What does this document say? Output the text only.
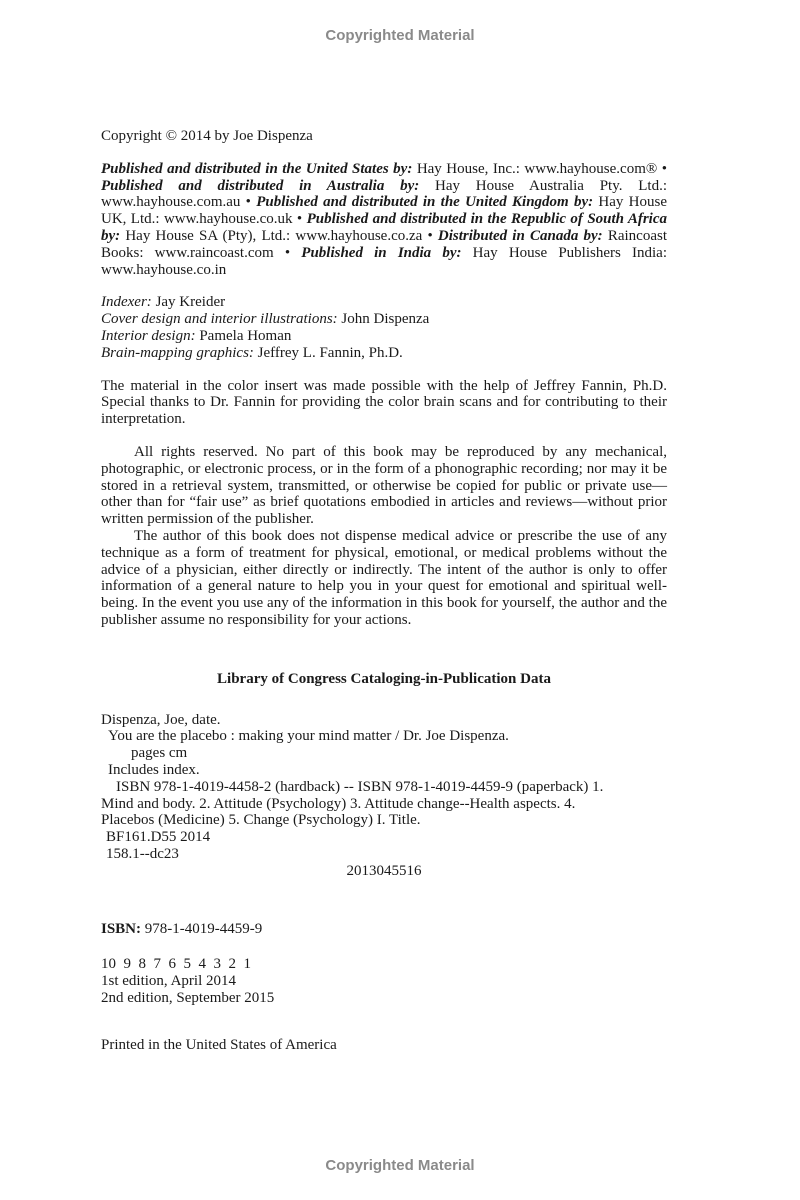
Copyrighted Material

Copyright © 2014 by Joe Dispenza

Published and distributed in the United States by: Hay House, Inc.: www.hayhouse.com® • Published and distributed in Australia by: Hay House Australia Pty. Ltd.: www.hayhouse.com.au • Published and distributed in the United Kingdom by: Hay House UK, Ltd.: www.hayhouse.co.uk • Published and distributed in the Republic of South Africa by: Hay House SA (Pty), Ltd.: www.hayhouse.co.za • Distributed in Canada by: Raincoast Books: www.raincoast.com • Published in India by: Hay House Publishers India: www.hayhouse.co.in

Indexer: Jay Kreider
Cover design and interior illustrations: John Dispenza
Interior design: Pamela Homan
Brain-mapping graphics: Jeffrey L. Fannin, Ph.D.

The material in the color insert was made possible with the help of Jeffrey Fannin, Ph.D. Special thanks to Dr. Fannin for providing the color brain scans and for contributing to their interpretation.

All rights reserved. No part of this book may be reproduced by any mechanical, photographic, or electronic process, or in the form of a phonographic recording; nor may it be stored in a retrieval system, transmitted, or otherwise be copied for public or private use—other than for “fair use” as brief quotations embodied in articles and reviews—without prior written permission of the publisher.

The author of this book does not dispense medical advice or prescribe the use of any technique as a form of treatment for physical, emotional, or medical problems without the advice of a physician, either directly or indirectly. The intent of the author is only to offer information of a general nature to help you in your quest for emotional and spiritual well-being. In the event you use any of the information in this book for yourself, the author and the publisher assume no responsibility for your actions.

Library of Congress Cataloging-in-Publication Data
Dispenza, Joe, date.
You are the placebo : making your mind matter / Dr. Joe Dispenza.
pages cm
Includes index.
ISBN 978-1-4019-4458-2 (hardback) -- ISBN 978-1-4019-4459-9 (paperback) 1.
Mind and body. 2. Attitude (Psychology) 3. Attitude change--Health aspects. 4.
Placebos (Medicine) 5. Change (Psychology) I. Title.
BF161.D55 2014
158.1--dc23
2013045516
ISBN: 978-1-4019-4459-9
10  9  8  7  6  5  4  3  2  1
1st edition, April 2014
2nd edition, September 2015
Printed in the United States of America
Copyrighted Material
